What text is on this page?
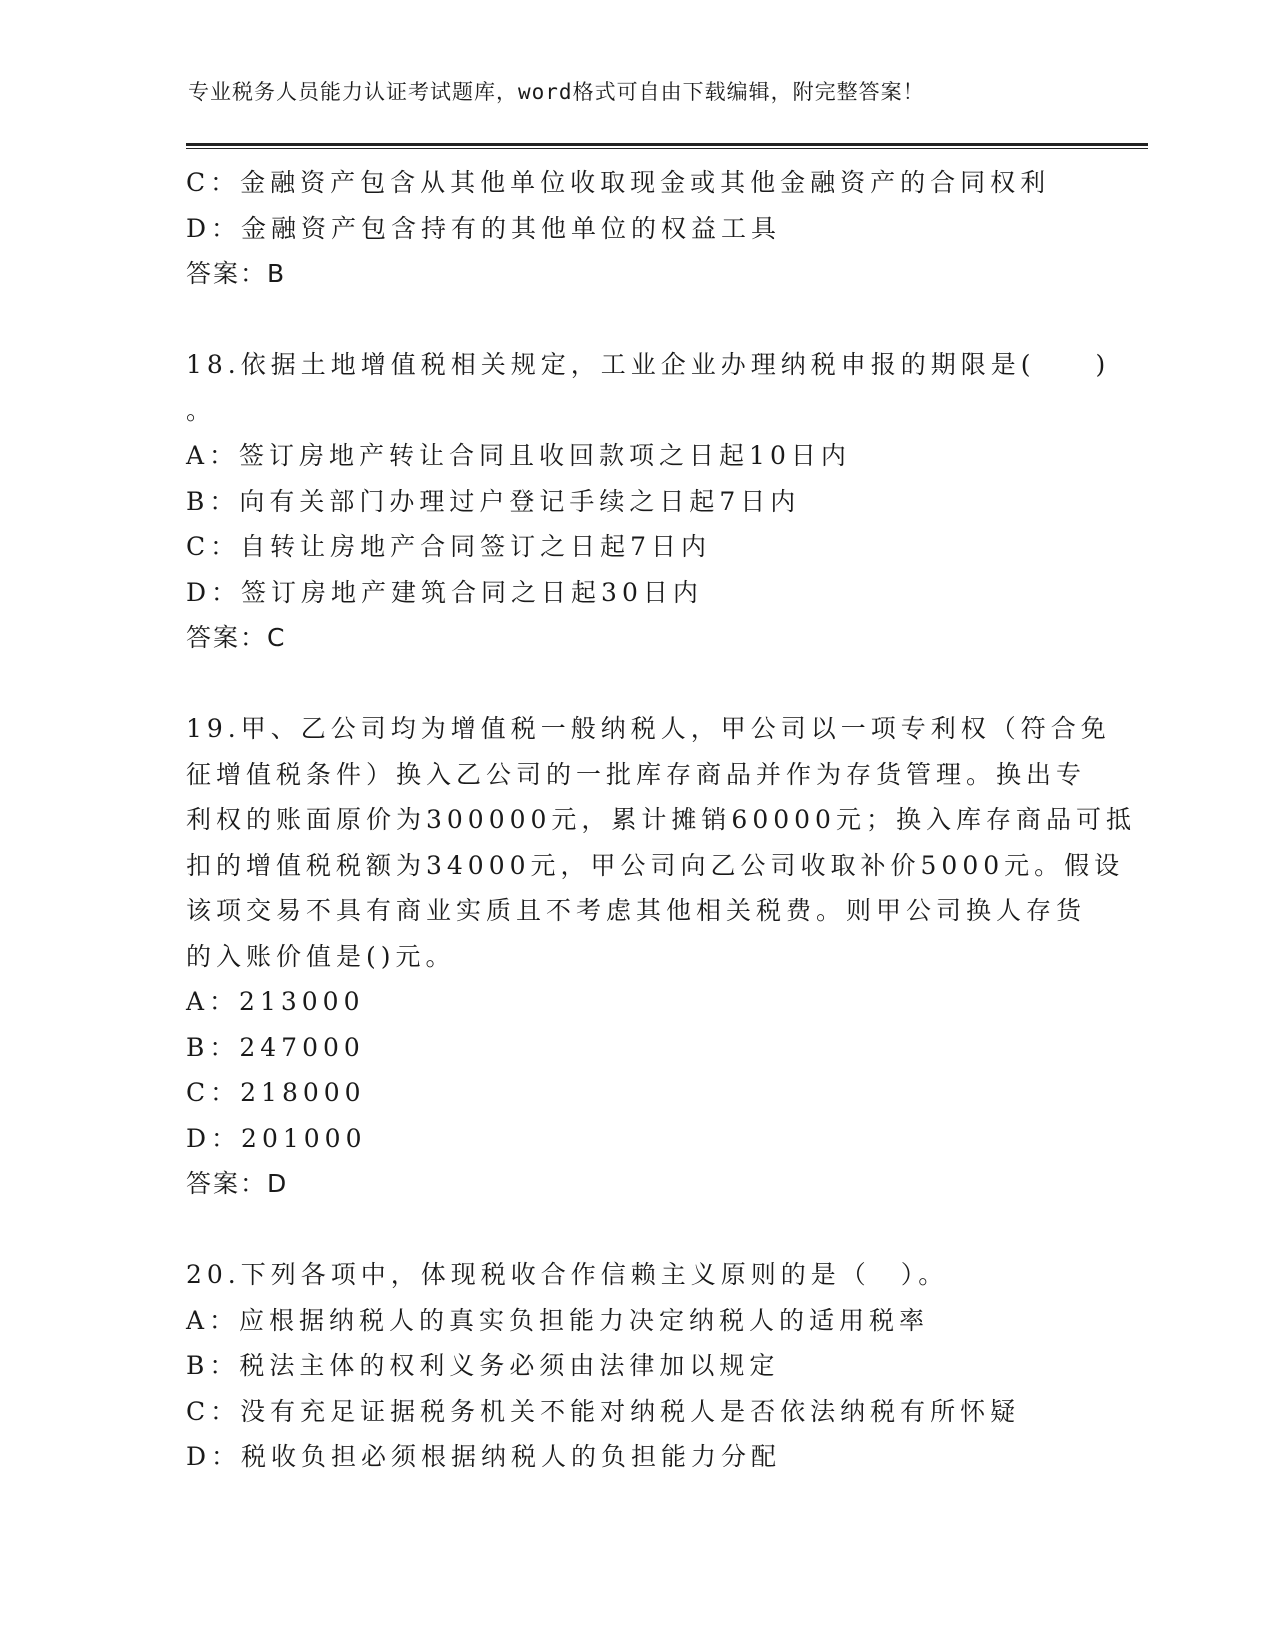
专业税务人员能力认证考试题库，word格式可自由下载编辑，附完整答案！
C：金融资产包含从其他单位收取现金或其他金融资产的合同权利
D：金融资产包含持有的其他单位的权益工具
答案：B
18.依据土地增值税相关规定，工业企业办理纳税申报的期限是(　　)
。
A：签订房地产转让合同且收回款项之日起10日内
B：向有关部门办理过户登记手续之日起7日内
C：自转让房地产合同签订之日起7日内
D：签订房地产建筑合同之日起30日内
答案：C
19.甲、乙公司均为增值税一般纳税人，甲公司以一项专利权（符合免
征增值税条件）换入乙公司的一批库存商品并作为存货管理。换出专
利权的账面原价为300000元，累计摊销60000元；换入库存商品可抵
扣的增值税税额为34000元，甲公司向乙公司收取补价5000元。假设
该项交易不具有商业实质且不考虑其他相关税费。则甲公司换人存货
的入账价值是()元。
A：213000
B：247000
C：218000
D：201000
答案：D
20.下列各项中，体现税收合作信赖主义原则的是（　）。
A：应根据纳税人的真实负担能力决定纳税人的适用税率
B：税法主体的权利义务必须由法律加以规定
C：没有充足证据税务机关不能对纳税人是否依法纳税有所怀疑
D：税收负担必须根据纳税人的负担能力分配
